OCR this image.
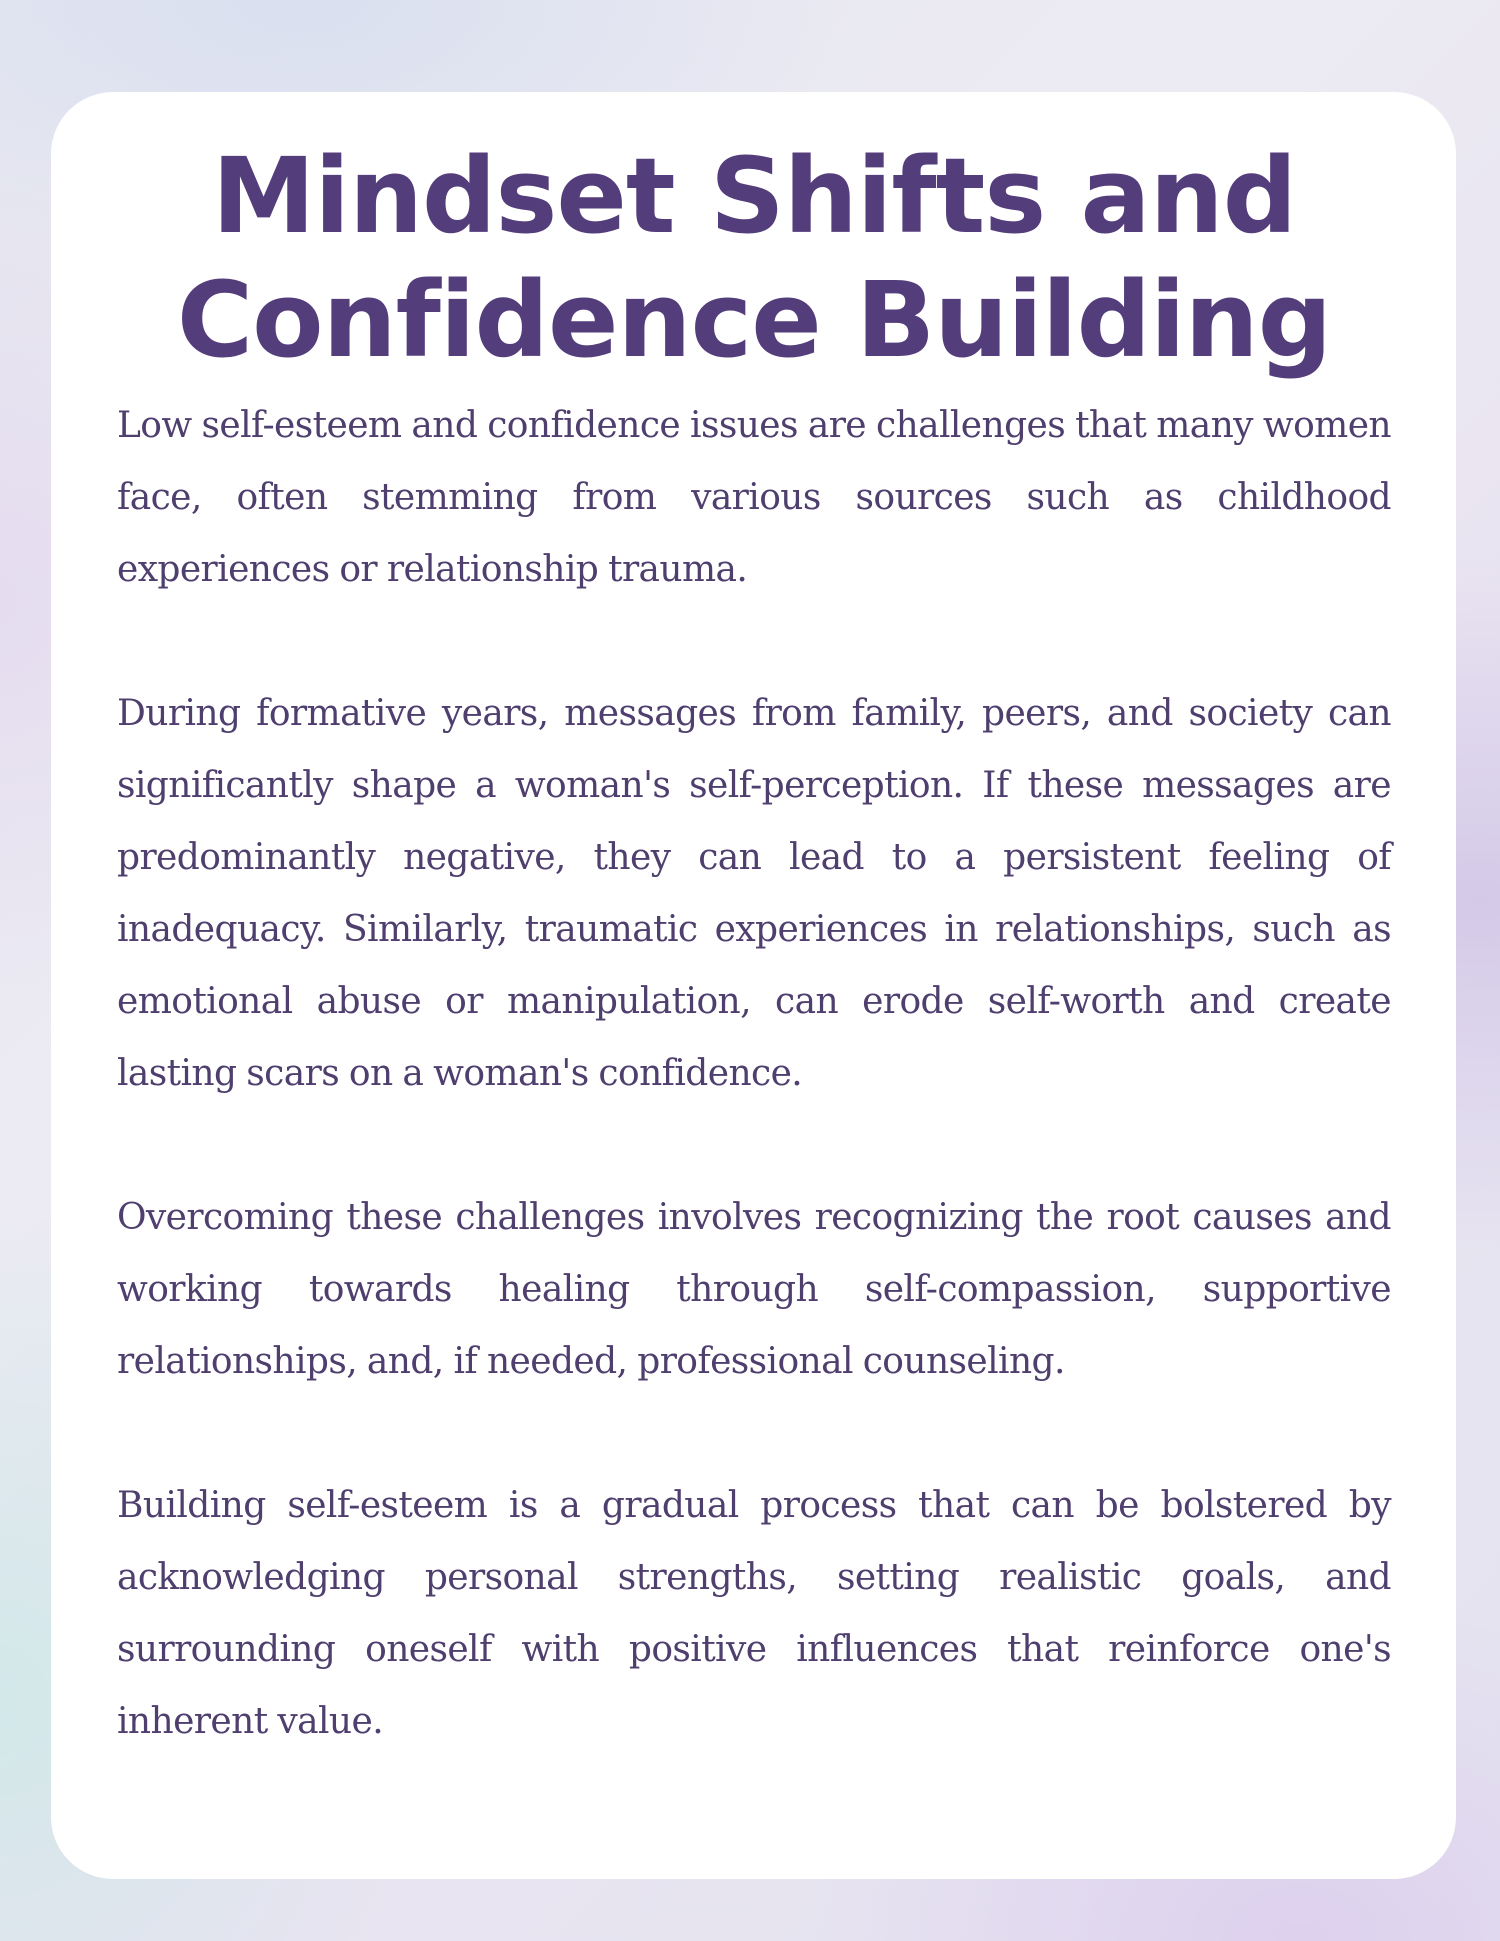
Mindset Shifts and Confidence Building

Low self-esteem and confidence issues are challenges that many women face, often stemming from various sources such as childhood experiences or relationship trauma.

During formative years, messages from family, peers, and society can significantly shape a woman's self-perception. If these messages are predominantly negative, they can lead to a persistent feeling of inadequacy. Similarly, traumatic experiences in relationships, such as emotional abuse or manipulation, can erode self-worth and create lasting scars on a woman's confidence.

Overcoming these challenges involves recognizing the root causes and working towards healing through self-compassion, supportive relationships, and, if needed, professional counseling.

Building self-esteem is a gradual process that can be bolstered by acknowledging personal strengths, setting realistic goals, and surrounding oneself with positive influences that reinforce one's inherent value.
